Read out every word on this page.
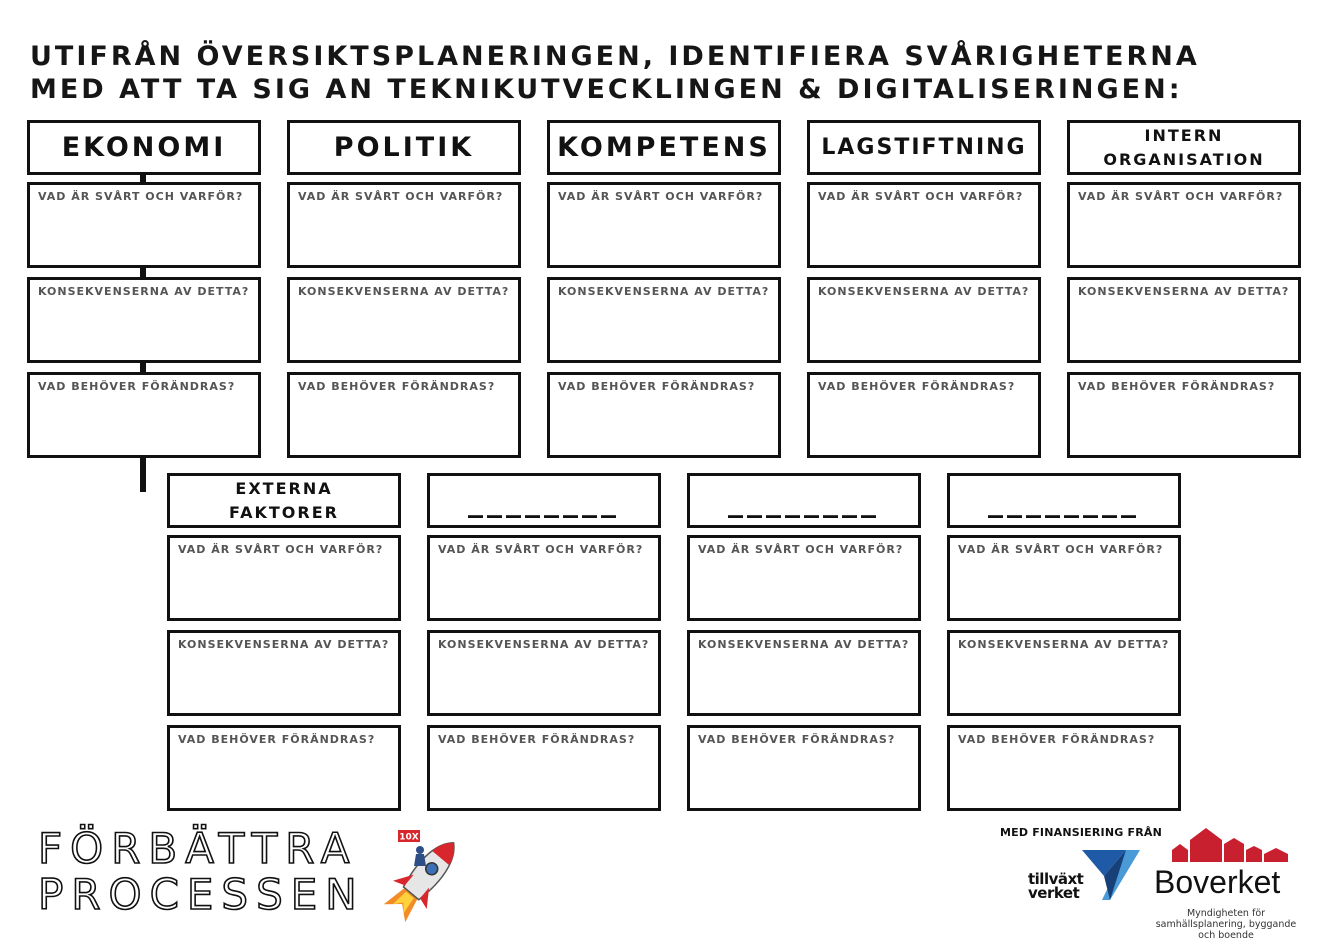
UTIFRÅN ÖVERSIKTSPLANERINGEN, IDENTIFIERA SVÅRIGHETERNA
MED ATT TA SIG AN TEKNIKUTVECKLINGEN & DIGITALISERINGEN:
EKONOMI
VAD ÄR SVÅRT OCH VARFÖR?
KONSEKVENSERNA AV DETTA?
VAD BEHÖVER FÖRÄNDRAS?
POLITIK
VAD ÄR SVÅRT OCH VARFÖR?
KONSEKVENSERNA AV DETTA?
VAD BEHÖVER FÖRÄNDRAS?
KOMPETENS
VAD ÄR SVÅRT OCH VARFÖR?
KONSEKVENSERNA AV DETTA?
VAD BEHÖVER FÖRÄNDRAS?
LAGSTIFTNING
VAD ÄR SVÅRT OCH VARFÖR?
KONSEKVENSERNA AV DETTA?
VAD BEHÖVER FÖRÄNDRAS?
INTERN
ORGANISATION
VAD ÄR SVÅRT OCH VARFÖR?
KONSEKVENSERNA AV DETTA?
VAD BEHÖVER FÖRÄNDRAS?
EXTERNA
FAKTORER
VAD ÄR SVÅRT OCH VARFÖR?
KONSEKVENSERNA AV DETTA?
VAD BEHÖVER FÖRÄNDRAS?
________
VAD ÄR SVÅRT OCH VARFÖR?
KONSEKVENSERNA AV DETTA?
VAD BEHÖVER FÖRÄNDRAS?
________
VAD ÄR SVÅRT OCH VARFÖR?
KONSEKVENSERNA AV DETTA?
VAD BEHÖVER FÖRÄNDRAS?
________
VAD ÄR SVÅRT OCH VARFÖR?
KONSEKVENSERNA AV DETTA?
VAD BEHÖVER FÖRÄNDRAS?
FÖRBÄTTRA
PROCESSEN
10X	MED FINANSIERING FRÅN
tillväxt
verket Boverket
Myndigheten för samhällsplanering, byggande och boende
